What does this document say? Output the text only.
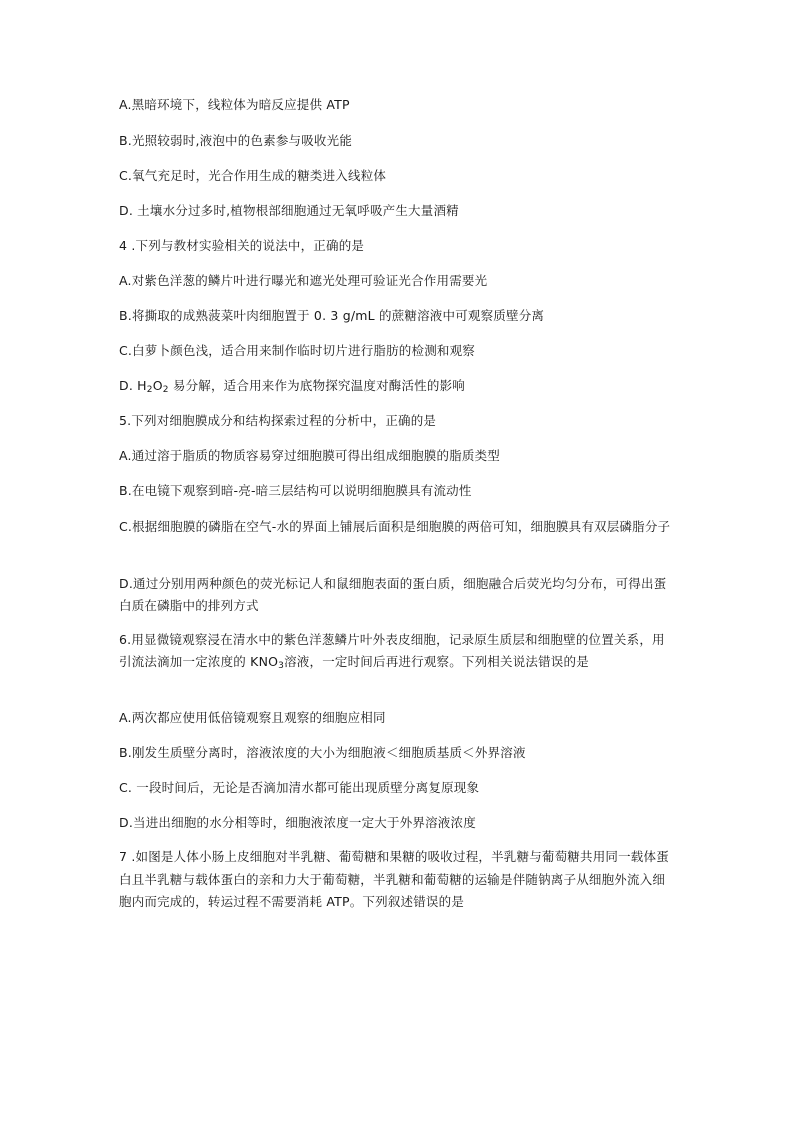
A.黑暗环境下，线粒体为暗反应提供 ATP
B.光照较弱时,液泡中的色素参与吸收光能
C.氧气充足时，光合作用生成的糖类进入线粒体
D. 土壤水分过多时,植物根部细胞通过无氧呼吸产生大量酒精
4 .下列与教材实验相关的说法中，正确的是
A.对紫色洋葱的鳞片叶进行曝光和遮光处理可验证光合作用需要光
B.将撕取的成熟菠菜叶肉细胞置于 0. 3 g/mL 的蔗糖溶液中可观察质壁分离
C.白萝卜颜色浅，适合用来制作临时切片进行脂肪的检测和观察
D. $H_2O_2$ 易分解，适合用来作为底物探究温度对酶活性的影响
5.下列对细胞膜成分和结构探索过程的分析中，正确的是
A.通过溶于脂质的物质容易穿过细胞膜可得出组成细胞膜的脂质类型
B.在电镜下观察到暗-亮-暗三层结构可以说明细胞膜具有流动性
C.根据细胞膜的磷脂在空气-水的界面上铺展后面积是细胞膜的两倍可知，细胞膜具有双层磷脂分子
D.通过分别用两种颜色的荧光标记人和鼠细胞表面的蛋白质，细胞融合后荧光均匀分布，可得出蛋白质在磷脂中的排列方式
6.用显微镜观察浸在清水中的紫色洋葱鳞片叶外表皮细胞，记录原生质层和细胞壁的位置关系，用引流法滴加一定浓度的 $KNO_3$溶液，一定时间后再进行观察。下列相关说法错误的是
A.两次都应使用低倍镜观察且观察的细胞应相同
B.刚发生质壁分离时，溶液浓度的大小为细胞液＜细胞质基质＜外界溶液
C. 一段时间后，无论是否滴加清水都可能出现质壁分离复原现象
D.当进出细胞的水分相等时，细胞液浓度一定大于外界溶液浓度
7 .如图是人体小肠上皮细胞对半乳糖、葡萄糖和果糖的吸收过程，半乳糖与葡萄糖共用同一载体蛋白且半乳糖与载体蛋白的亲和力大于葡萄糖，半乳糖和葡萄糖的运输是伴随钠离子从细胞外流入细胞内而完成的，转运过程不需要消耗 ATP。下列叙述错误的是
